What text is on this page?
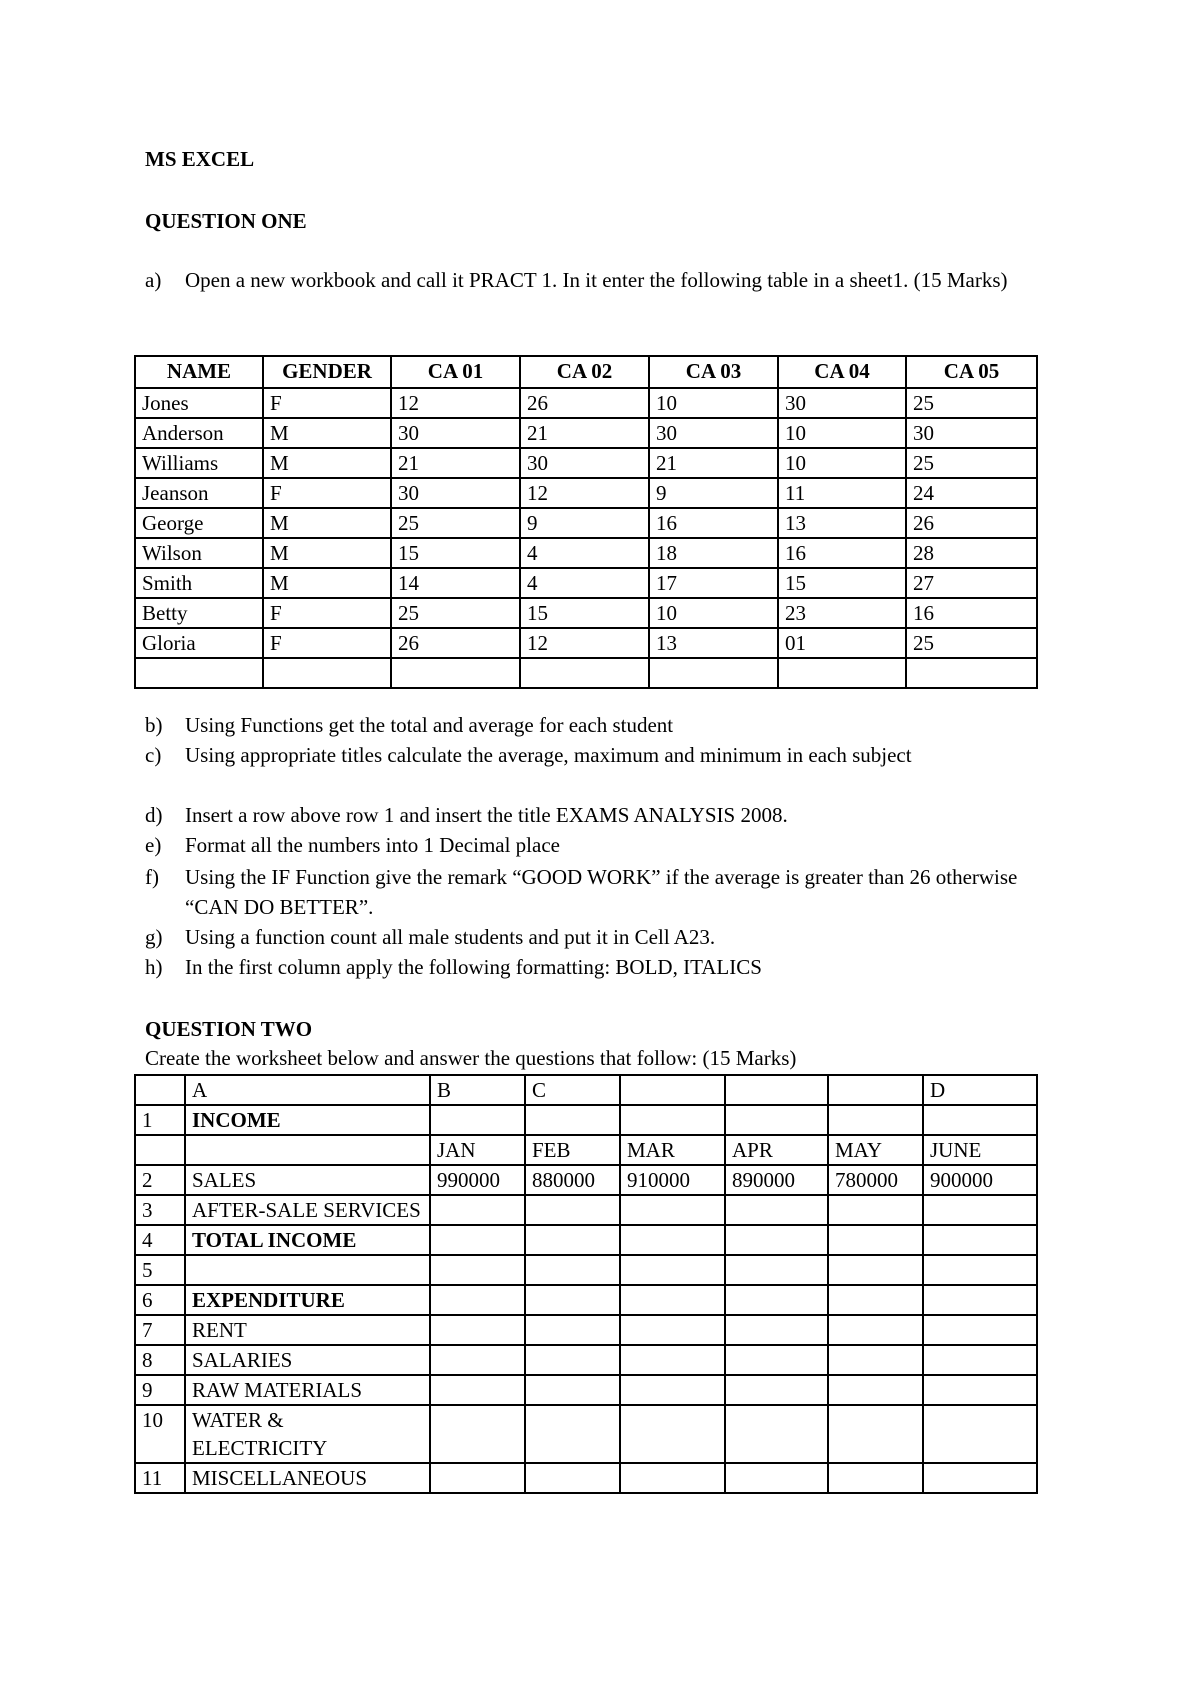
MS EXCEL
QUESTION ONE
a) Open a new workbook and call it PRACT 1. In it enter the following table in a sheet1. (15 Marks)
NAME	GENDER	CA 01	CA 02	CA 03	CA 04	CA 05
Jones	F	12	26	10	30	25
Anderson	M	30	21	30	10	30
Williams	M	21	30	21	10	25
Jeanson	F	30	12	9	11	24
George	M	25	9	16	13	26
Wilson	M	15	4	18	16	28
Smith	M	14	4	17	15	27
Betty	F	25	15	10	23	16
Gloria	F	26	12	13	01	25

b) Using Functions get the total and average for each student
c) Using appropriate titles calculate the average, maximum and minimum in each subject
d) Insert a row above row 1 and insert the title EXAMS ANALYSIS 2008.
e) Format all the numbers into 1 Decimal place
f) Using the IF Function give the remark “GOOD WORK” if the average is greater than 26 otherwise “CAN DO BETTER”.
g) Using a function count all male students and put it in Cell A23.
h) In the first column apply the following formatting: BOLD, ITALICS
QUESTION TWO
Create the worksheet below and answer the questions that follow: (15 Marks)
	A	B	C				D
1	INCOME						
		JAN	FEB	MAR	APR	MAY	JUNE
2	SALES	990000	880000	910000	890000	780000	900000
3	AFTER-SALE SERVICES						
4	TOTAL INCOME						
5							
6	EXPENDITURE						
7	RENT						
8	SALARIES						
9	RAW MATERIALS						
10	WATER & ELECTRICITY						
11	MISCELLANEOUS						
